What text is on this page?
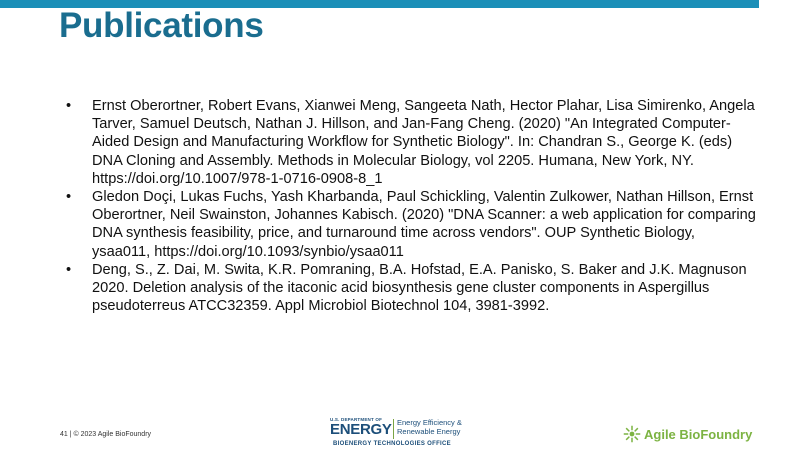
Publications
• Ernst Oberortner, Robert Evans, Xianwei Meng, Sangeeta Nath, Hector Plahar, Lisa Simirenko, Angela Tarver, Samuel Deutsch, Nathan J. Hillson, and Jan-Fang Cheng. (2020) "An Integrated Computer-Aided Design and Manufacturing Workflow for Synthetic Biology". In: Chandran S., George K. (eds) DNA Cloning and Assembly. Methods in Molecular Biology, vol 2205. Humana, New York, NY. https://doi.org/10.1007/978-1-0716-0908-8_1
• Gledon Doçi, Lukas Fuchs, Yash Kharbanda, Paul Schickling, Valentin Zulkower, Nathan Hillson, Ernst Oberortner, Neil Swainston, Johannes Kabisch. (2020) "DNA Scanner: a web application for comparing DNA synthesis feasibility, price, and turnaround time across vendors". OUP Synthetic Biology, ysaa011, https://doi.org/10.1093/synbio/ysaa011
• Deng, S., Z. Dai, M. Swita, K.R. Pomraning, B.A. Hofstad, E.A. Panisko, S. Baker and J.K. Magnuson 2020. Deletion analysis of the itaconic acid biosynthesis gene cluster components in Aspergillus pseudoterreus ATCC32359. Appl Microbiol Biotechnol 104, 3981-3992.
41 | © 2023 Agile BioFoundry
U.S. DEPARTMENT OF
ENERGY Energy Efficiency &
Renewable Energy
BIOENERGY TECHNOLOGIES OFFICE
Agile BioFoundry
